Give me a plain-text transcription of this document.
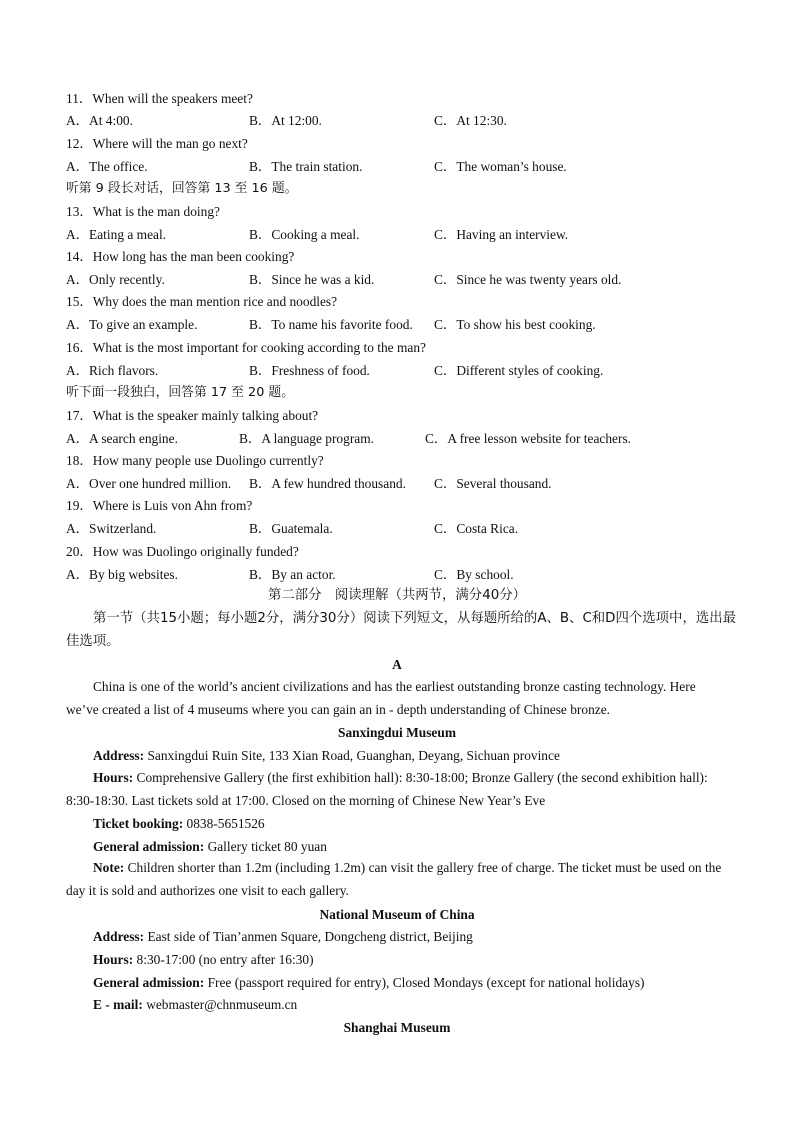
11．When will the speakers meet?
A．At 4:00.	B．At 12:00.	C．At 12:30.
12．Where will the man go next?
A．The office.	B．The train station.	C．The woman’s house.
听第 9 段长对话，回答第 13 至 16 题。
13．What is the man doing?
A．Eating a meal.	B．Cooking a meal.	C．Having an interview.
14．How long has the man been cooking?
A．Only recently.	B．Since he was a kid.	C．Since he was twenty years old.
15．Why does the man mention rice and noodles?
A．To give an example.	B．To name his favorite food. C．To show his best cooking.
16．What is the most important for cooking according to the man?
A．Rich flavors.	B．Freshness of food.	C．Different styles of cooking.
听下面一段独白，回答第 17 至 20 题。
17．What is the speaker mainly talking about?
A．A search engine.	B．A language program.	C．A free lesson website for teachers.
18．How many people use Duolingo currently?
A．Over one hundred million. B．A few hundred thousand. C．Several thousand.
19．Where is Luis von Ahn from?
A．Switzerland.	B．Guatemala.	C．Costa Rica.
20．How was Duolingo originally funded?
A．By big websites.	B．By an actor.	C．By school.
第二部分　阅读理解（共两节，满分40分）
第一节（共15小题；每小题2分，满分30分）阅读下列短文，从每题所给的A、B、C和D四个选项中，选出最佳选项。
A
China is one of the world’s ancient civilizations and has the earliest outstanding bronze casting technology. Here we’ve created a list of 4 museums where you can gain an in - depth understanding of Chinese bronze.
Sanxingdui Museum
Address: Sanxingdui Ruin Site, 133 Xian Road, Guanghan, Deyang, Sichuan province
Hours: Comprehensive Gallery (the first exhibition hall): 8:30-18:00; Bronze Gallery (the second exhibition hall): 8:30-18:30. Last tickets sold at 17:00. Closed on the morning of Chinese New Year’s Eve
Ticket booking: 0838-5651526
General admission: Gallery ticket 80 yuan
Note: Children shorter than 1.2m (including 1.2m) can visit the gallery free of charge. The ticket must be used on the day it is sold and authorizes one visit to each gallery.
National Museum of China
Address: East side of Tian’anmen Square, Dongcheng district, Beijing
Hours: 8:30-17:00 (no entry after 16:30)
General admission: Free (passport required for entry), Closed Mondays (except for national holidays)
E - mail: webmaster@chnmuseum.cn
Shanghai Museum
